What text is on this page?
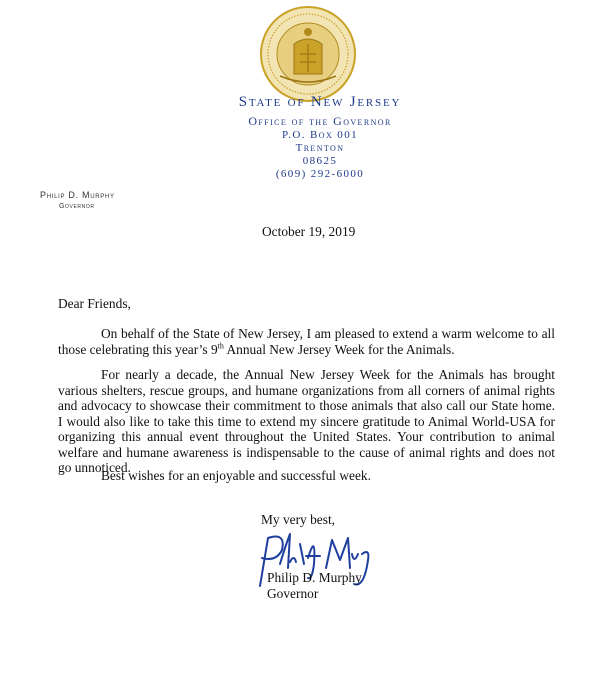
State of New Jersey
Office of the Governor
P.O. Box 001
Trenton
08625
(609) 292-6000
Philip D. Murphy
Governor
October 19, 2019
Dear Friends,

On behalf of the State of New Jersey, I am pleased to extend a warm welcome to all those celebrating this year’s 9th Annual New Jersey Week for the Animals.

For nearly a decade, the Annual New Jersey Week for the Animals has brought various shelters, rescue groups, and humane organizations from all corners of animal rights and advocacy to showcase their commitment to those animals that also call our State home. I would also like to take this time to extend my sincere gratitude to Animal World-USA for organizing this annual event throughout the United States. Your contribution to animal welfare and humane awareness is indispensable to the cause of animal rights and does not go unnoticed.

Best wishes for an enjoyable and successful week.

My very best,
Philip D. Murphy
Governor
